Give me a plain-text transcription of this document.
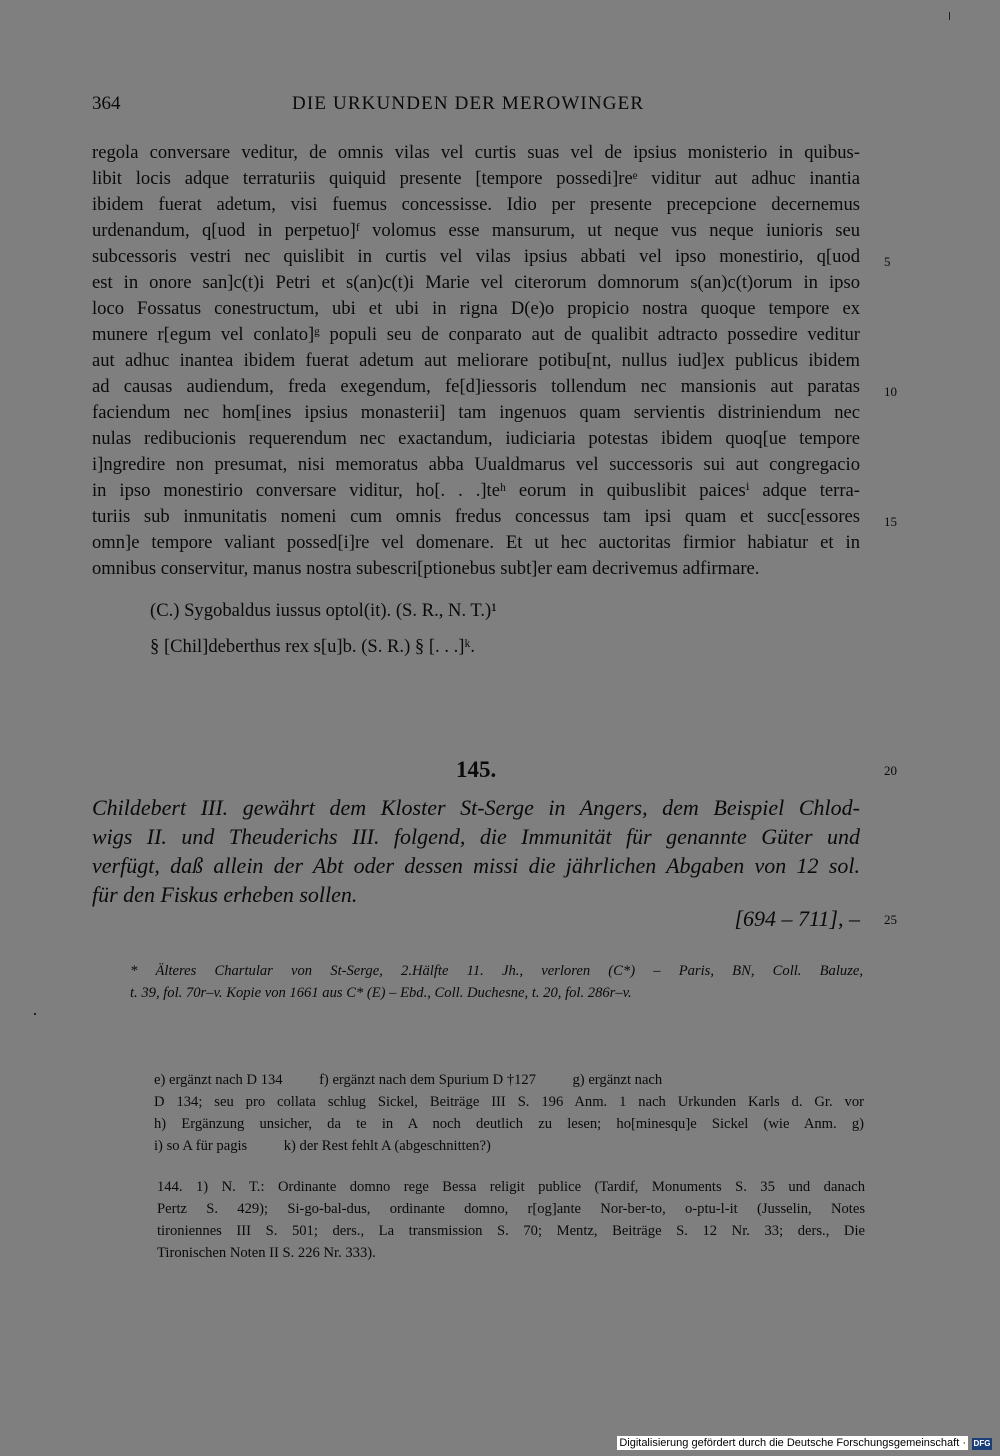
364	DIE URKUNDEN DER MEROWINGER
regola conversare veditur, de omnis vilas vel curtis suas vel de ipsius monisterio in quibus-
libit locis adque terraturiis quiquid presente [tempore possedi]reᵉ viditur aut adhuc inantia
ibidem fuerat adetum, visi fuemus concessisse. Idio per presente precepcione decernemus
urdenandum, q[uod in perpetuo]ᶠ volomus esse mansurum, ut neque vus neque iunioris seu
subcessoris vestri nec quislibit in curtis vel vilas ipsius abbati vel ipso monestirio, q[uod
est in onore san]c(t)i Petri et s(an)c(t)i Marie vel citerorum domnorum s(an)c(t)orum in ipso
loco Fossatus conestructum, ubi et ubi in rigna D(e)o propicio nostra quoque tempore ex
munere r[egum vel conlato]ᵍ populi seu de conparato aut de qualibit adtracto possedire veditur
aut adhuc inantea ibidem fuerat adetum aut meliorare potibu[nt, nullus iud]ex publicus ibidem
ad causas audiendum, freda exegendum, fe[d]iessoris tollendum nec mansionis aut paratas
faciendum nec hom[ines ipsius monasterii] tam ingenuos quam servientis distriniendum nec
nulas redibucionis requerendum nec exactandum, iudiciaria potestas ibidem quoq[ue tempore
i]ngredire non presumat, nisi memoratus abba Uualdmarus vel successoris sui aut congregacio
in ipso monestirio conversare viditur, ho[. . .]teʰ eorum in quibuslibit paicesⁱ adque terra-
turiis sub inmunitatis nomeni cum omnis fredus concessus tam ipsi quam et succ[essores
omn]e tempore valiant possed[i]re vel domenare. Et ut hec auctoritas firmior habiatur et in
omnibus conservitur, manus nostra subescri[ptionebus subt]er eam decrivemus adfirmare.
5
10
15
20
25
(C.) Sygobaldus iussus optol(it). (S. R., N. T.)¹
§ [Chil]deberthus rex s[u]b. (S. R.) § [. . .]ᵏ.
145.
Childebert III. gewährt dem Kloster St-Serge in Angers, dem Beispiel Chlod-
wigs II. und Theuderichs III. folgend, die Immunität für genannte Güter und
verfügt, daß allein der Abt oder dessen missi die jährlichen Abgaben von 12 sol.
für den Fiskus erheben sollen.
[694 – 711], –
* Älteres Chartular von St-Serge, 2.Hälfte 11. Jh., verloren (C*) – Paris, BN, Coll. Baluze,
t. 39, fol. 70r–v. Kopie von 1661 aus C* (E) – Ebd., Coll. Duchesne, t. 20, fol. 286r–v.
e) ergänzt nach D 134          f) ergänzt nach dem Spurium D †127          g) ergänzt nach
D 134; seu pro collata schlug Sickel, Beiträge III S. 196 Anm. 1 nach Urkunden Karls d. Gr. vor
h) Ergänzung unsicher, da te in A noch deutlich zu lesen; ho[minesqu]e Sickel (wie Anm. g)
i) so A für pagis          k) der Rest fehlt A (abgeschnitten?)
144. 1) N. T.: Ordinante domno rege Bessa religit publice (Tardif, Monuments S. 35 und danach
Pertz S. 429); Si-go-bal-dus, ordinante domno, r[og]ante Nor-ber-to, o-ptu-l-it (Jusselin, Notes
tironiennes III S. 501; ders., La transmission S. 70; Mentz, Beiträge S. 12 Nr. 33; ders., Die
Tironischen Noten II S. 226 Nr. 333).
Digitalisierung gefördert durch die Deutsche Forschungsgemeinschaft · DFG
